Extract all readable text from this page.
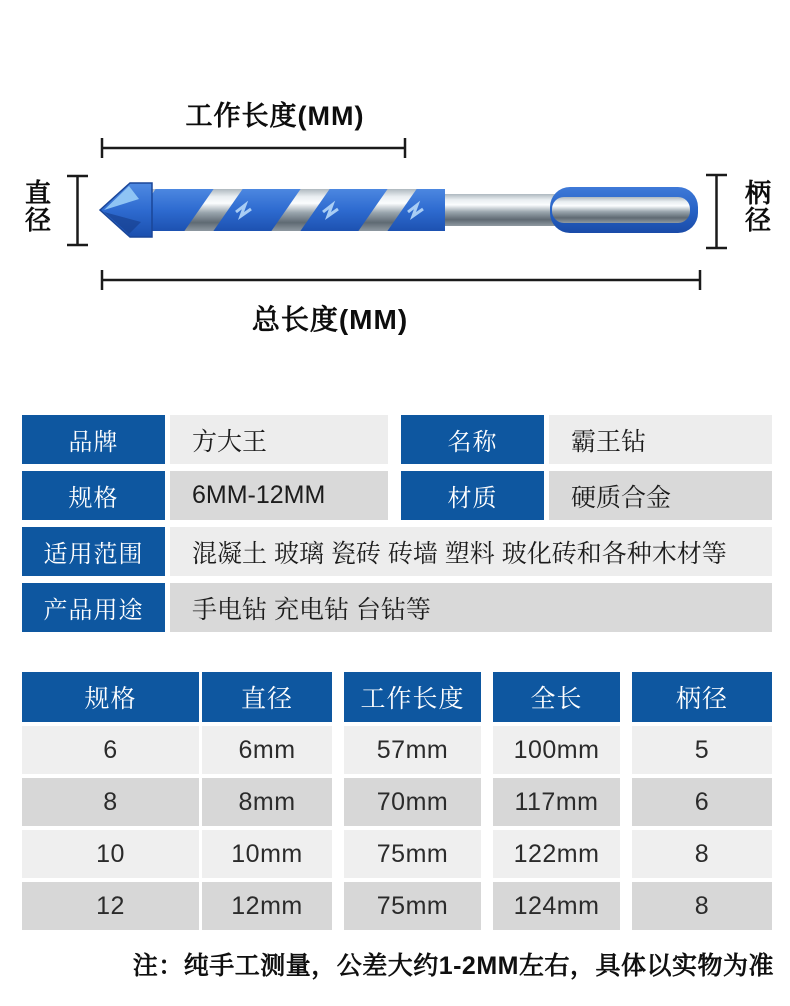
工作长度(MM)
总长度(MM)
直径
柄径
品牌	方大王	名称	霸王钻
规格	6MM-12MM	材质	硬质合金
适用范围	混凝土 玻璃 瓷砖 砖墙 塑料 玻化砖和各种木材等
产品用途	手电钻 充电钻 台钻等
规格	直径	工作长度	全长	柄径
6	6mm	57mm	100mm	5
8	8mm	70mm	117mm	6
10	10mm	75mm	122mm	8
12	12mm	75mm	124mm	8
注：纯手工测量，公差大约1-2MM左右，具体以实物为准
